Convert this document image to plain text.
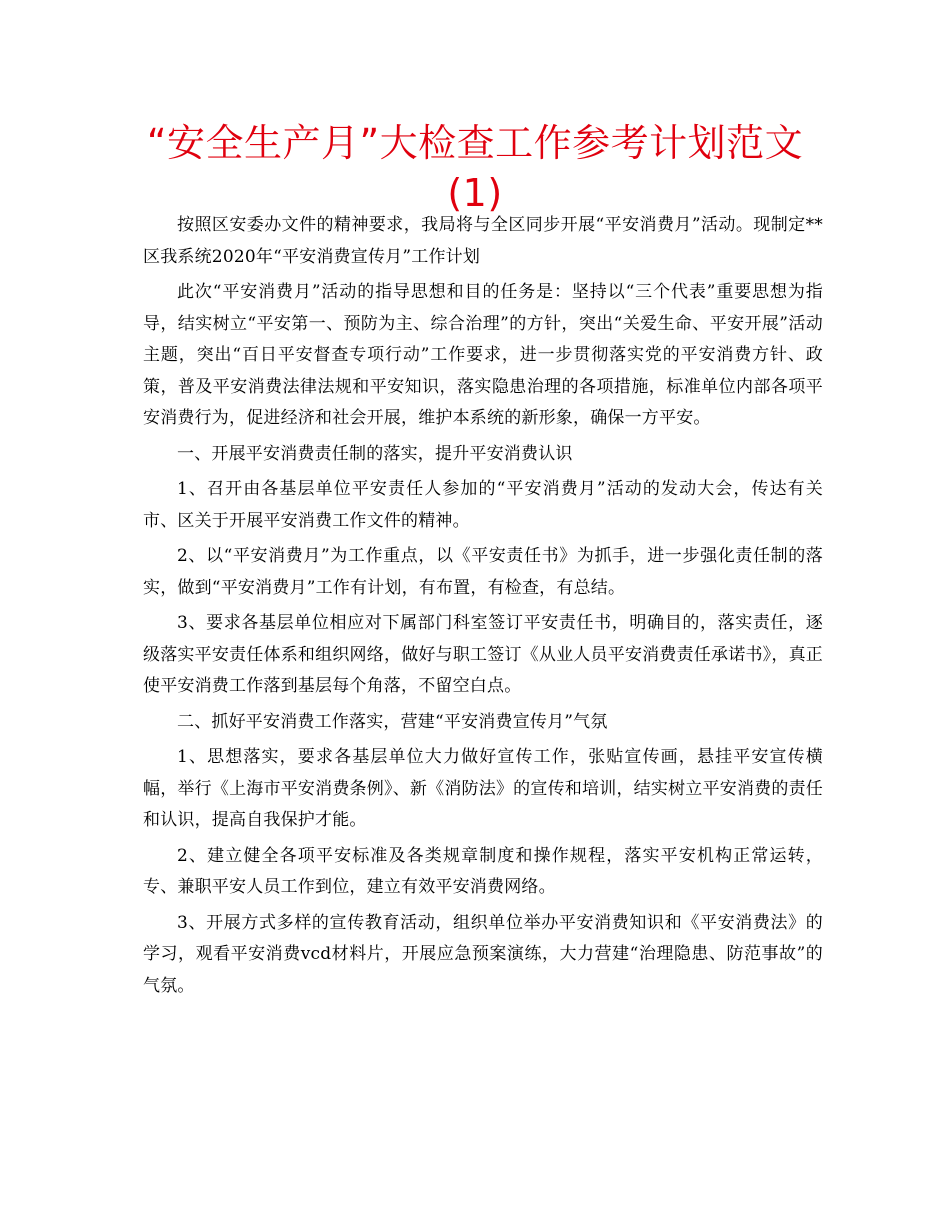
“安全生产月”大检查工作参考计划范文(1)

按照区安委办文件的精神要求，我局将与全区同步开展“平安消费月”活动。现制定**区我系统2020年“平安消费宣传月”工作计划

此次“平安消费月”活动的指导思想和目的任务是：坚持以“三个代表”重要思想为指导，结实树立“平安第一、预防为主、综合治理”的方针，突出“关爱生命、平安开展”活动主题，突出“百日平安督查专项行动”工作要求，进一步贯彻落实党的平安消费方针、政策，普及平安消费法律法规和平安知识，落实隐患治理的各项措施，标准单位内部各项平安消费行为，促进经济和社会开展，维护本系统的新形象，确保一方平安。

一、开展平安消费责任制的落实，提升平安消费认识

1、召开由各基层单位平安责任人参加的“平安消费月”活动的发动大会，传达有关市、区关于开展平安消费工作文件的精神。

2、以“平安消费月”为工作重点，以《平安责任书》为抓手，进一步强化责任制的落实，做到“平安消费月”工作有计划，有布置，有检查，有总结。

3、要求各基层单位相应对下属部门科室签订平安责任书，明确目的，落实责任，逐级落实平安责任体系和组织网络，做好与职工签订《从业人员平安消费责任承诺书》，真正使平安消费工作落到基层每个角落，不留空白点。

二、抓好平安消费工作落实，营建“平安消费宣传月”气氛

1、思想落实，要求各基层单位大力做好宣传工作，张贴宣传画，悬挂平安宣传横幅，举行《上海市平安消费条例》、新《消防法》的宣传和培训，结实树立平安消费的责任和认识，提高自我保护才能。

2、建立健全各项平安标准及各类规章制度和操作规程，落实平安机构正常运转，专、兼职平安人员工作到位，建立有效平安消费网络。

3、开展方式多样的宣传教育活动，组织单位举办平安消费知识和《平安消费法》的学习，观看平安消费vcd材料片，开展应急预案演练，大力营建“治理隐患、防范事故”的气氛。
